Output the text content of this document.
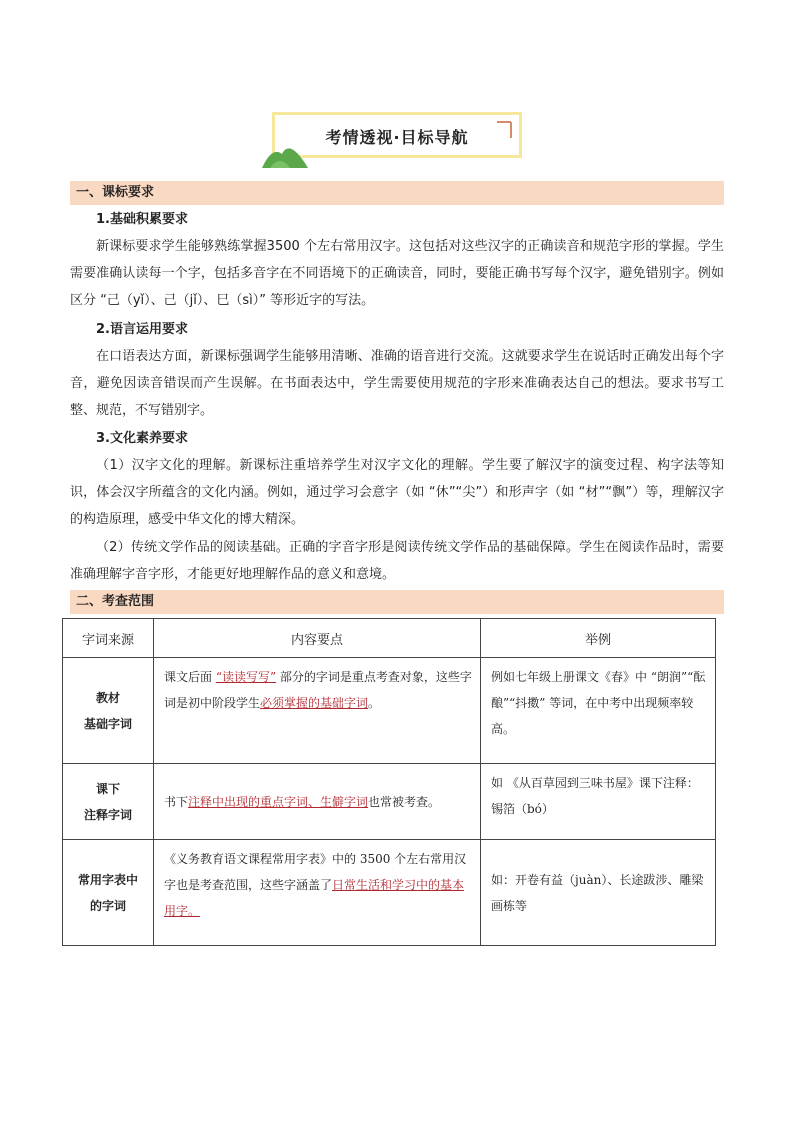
考情透视·目标导航
一、课标要求
1.基础积累要求
新课标要求学生能够熟练掌握3500 个左右常用汉字。这包括对这些汉字的正确读音和规范字形的掌握。学生需要准确认读每一个字，包括多音字在不同语境下的正确读音，同时，要能正确书写每个汉字，避免错别字。例如区分 “己（yǐ）、己（jǐ）、巳（sì）” 等形近字的写法。
2.语言运用要求
在口语表达方面，新课标强调学生能够用清晰、准确的语音进行交流。这就要求学生在说话时正确发出每个字音，避免因读音错误而产生误解。在书面表达中，学生需要使用规范的字形来准确表达自己的想法。要求书写工整、规范，不写错别字。
3.文化素养要求
（1）汉字文化的理解。新课标注重培养学生对汉字文化的理解。学生要了解汉字的演变过程、构字法等知识，体会汉字所蕴含的文化内涵。例如，通过学习会意字（如 “休”“尖”）和形声字（如 “材”“飘”）等，理解汉字的构造原理，感受中华文化的博大精深。
（2）传统文学作品的阅读基础。正确的字音字形是阅读传统文学作品的基础保障。学生在阅读作品时，需要准确理解字音字形，才能更好地理解作品的意义和意境。
二、考查范围
字词来源	内容要点	举例

教材
基础字词	课文后面 “读读写写” 部分的字词是重点考查对象，这些字词是初中阶段学生必须掌握的基础字词。	例如七年级上册课文《春》中 “朗润”“酝酿”“抖擞” 等词，在中考中出现频率较高。

课下
注释字词	书下注释中出现的重点字词、生僻字词也常被考查。	如 《从百草园到三味书屋》课下注释：锡箔（bó）

常用字表中
的字词	《义务教育语文课程常用字表》中的 3500 个左右常用汉字也是考查范围，这些字涵盖了日常生活和学习中的基本用字。	如：开卷有益（juàn）、长途跋涉、雕梁画栋等
